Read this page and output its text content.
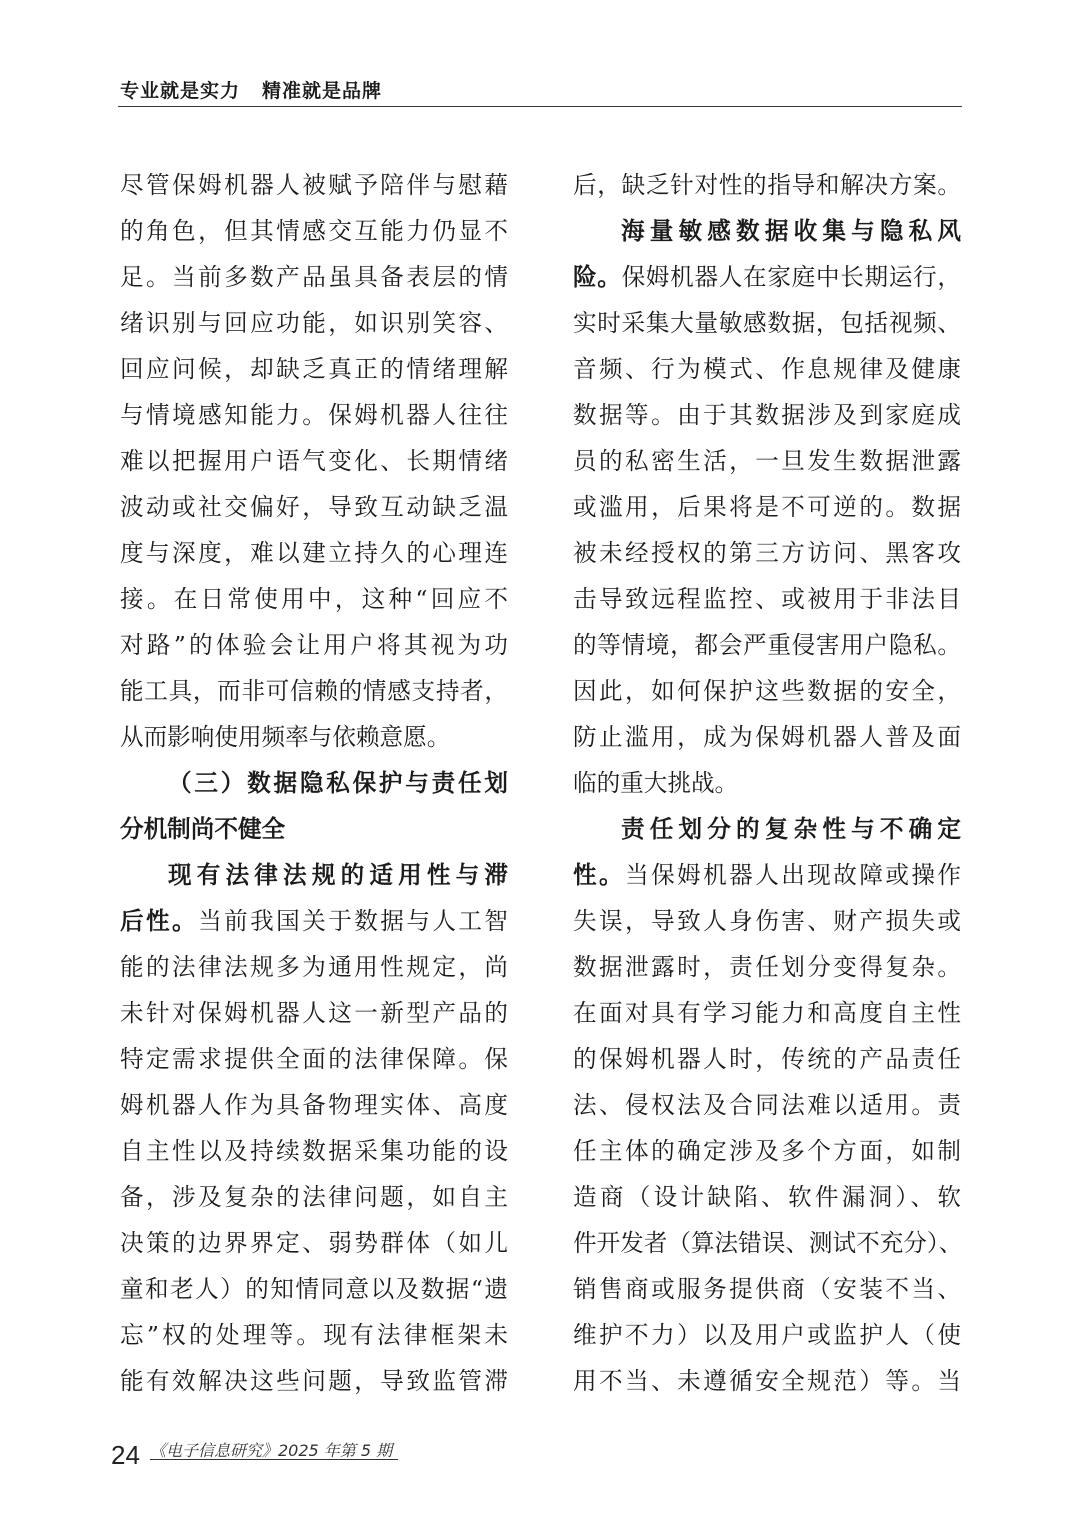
专业就是实力 精准就是品牌
尽管保姆机器人被赋予陪伴与慰藉
的角色，但其情感交互能力仍显不
足。当前多数产品虽具备表层的情
绪识别与回应功能，如识别笑容、
回应问候，却缺乏真正的情绪理解
与情境感知能力。保姆机器人往往
难以把握用户语气变化、长期情绪
波动或社交偏好，导致互动缺乏温
度与深度，难以建立持久的心理连
接。在日常使用中，这种“回应不
对路”的体验会让用户将其视为功
能工具，而非可信赖的情感支持者，
从而影响使用频率与依赖意愿。
（三）数据隐私保护与责任划
分机制尚不健全
现有法律法规的适用性与滞
后性。当前我国关于数据与人工智
能的法律法规多为通用性规定，尚
未针对保姆机器人这一新型产品的
特定需求提供全面的法律保障。保
姆机器人作为具备物理实体、高度
自主性以及持续数据采集功能的设
备，涉及复杂的法律问题，如自主
决策的边界界定、弱势群体（如儿
童和老人）的知情同意以及数据“遗
忘”权的处理等。现有法律框架未
能有效解决这些问题，导致监管滞
后，缺乏针对性的指导和解决方案。
海量敏感数据收集与隐私风
险。保姆机器人在家庭中长期运行，
实时采集大量敏感数据，包括视频、
音频、行为模式、作息规律及健康
数据等。由于其数据涉及到家庭成
员的私密生活，一旦发生数据泄露
或滥用，后果将是不可逆的。数据
被未经授权的第三方访问、黑客攻
击导致远程监控、或被用于非法目
的等情境，都会严重侵害用户隐私。
因此，如何保护这些数据的安全，
防止滥用，成为保姆机器人普及面
临的重大挑战。
责任划分的复杂性与不确定
性。当保姆机器人出现故障或操作
失误，导致人身伤害、财产损失或
数据泄露时，责任划分变得复杂。
在面对具有学习能力和高度自主性
的保姆机器人时，传统的产品责任
法、侵权法及合同法难以适用。责
任主体的确定涉及多个方面，如制
造商（设计缺陷、软件漏洞）、软
件开发者（算法错误、测试不充分）、
销售商或服务提供商（安装不当、
维护不力）以及用户或监护人（使
用不当、未遵循安全规范）等。当
24 《电子信息研究》2025 年第 5 期
